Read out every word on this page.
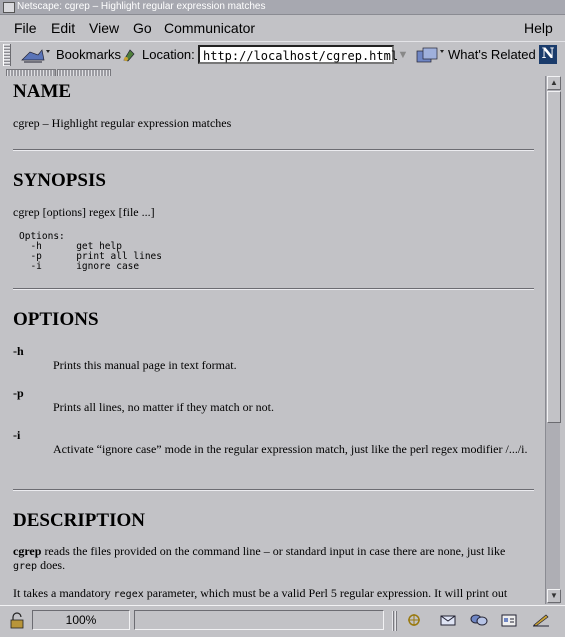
Netscape: cgrep – Highlight regular expression matches
File Edit View Go Communicator	Help
Bookmarks Location: http://localhost/cgrep.html ▼	What's Related N
NAME
cgrep – Highlight regular expression matches
SYNOPSIS
cgrep [options] regex [file ...]
Options:
-h      get help
-p      print all lines
-i      ignore case
OPTIONS
-h
Prints this manual page in text format.
-p
Prints all lines, no matter if they match or not.
-i
Activate “ignore case” mode in the regular expression match, just like the perl regex modifier /.../i.
DESCRIPTION
cgrep reads the files provided on the command line – or standard input in case there are none, just like
grep does.
It takes a mandatory regex parameter, which must be a valid Perl 5 regular expression. It will print out

▲
▼
100%
